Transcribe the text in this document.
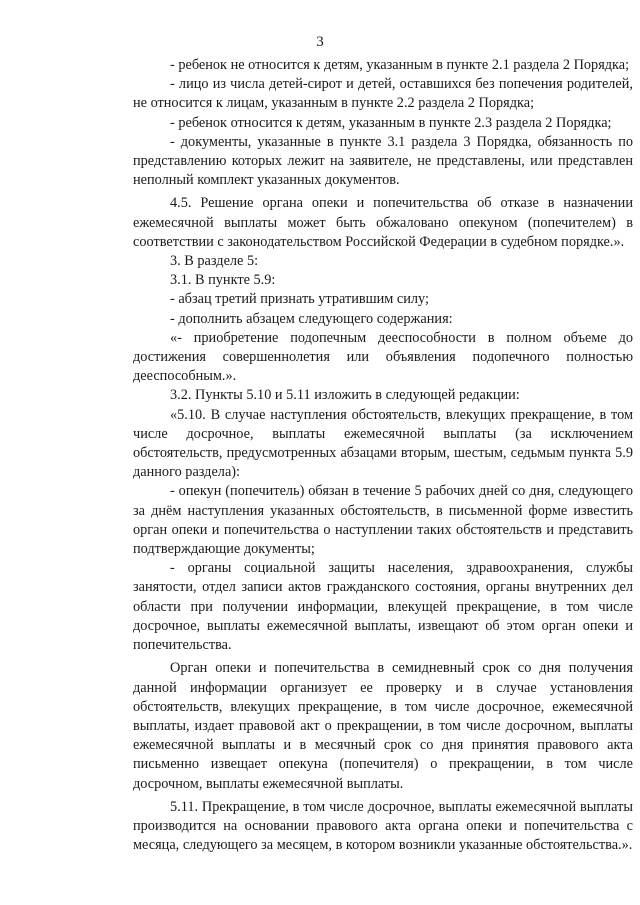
3

- ребенок не относится к детям, указанным в пункте 2.1 раздела 2 Порядка;

- лицо из числа детей-сирот и детей, оставшихся без попечения родителей, не относится к лицам, указанным в пункте 2.2 раздела 2 Порядка;

- ребенок относится к детям, указанным в пункте 2.3 раздела 2 Порядка;

- документы, указанные в пункте 3.1 раздела 3 Порядка, обязанность по представлению которых лежит на заявителе, не представлены, или представлен неполный комплект указанных документов.

4.5. Решение органа опеки и попечительства об отказе в назначении ежемесячной выплаты может быть обжаловано опекуном (попечителем) в соответствии с законодательством Российской Федерации в судебном порядке.».

3. В разделе 5:

3.1. В пункте 5.9:

- абзац третий признать утратившим силу;

- дополнить абзацем следующего содержания:

«- приобретение подопечным дееспособности в полном объеме до достижения совершеннолетия или объявления подопечного полностью дееспособным.».

3.2. Пункты 5.10 и 5.11 изложить в следующей редакции:

«5.10. В случае наступления обстоятельств, влекущих прекращение, в том числе досрочное, выплаты ежемесячной выплаты (за исключением обстоятельств, предусмотренных абзацами вторым, шестым, седьмым пункта 5.9 данного раздела):

- опекун (попечитель) обязан в течение 5 рабочих дней со дня, следующего за днём наступления указанных обстоятельств, в письменной форме известить орган опеки и попечительства о наступлении таких обстоятельств и представить подтверждающие документы;

- органы социальной защиты населения, здравоохранения, службы занятости, отдел записи актов гражданского состояния, органы внутренних дел области при получении информации, влекущей прекращение, в том числе досрочное, выплаты ежемесячной выплаты, извещают об этом орган опеки и попечительства.

Орган опеки и попечительства в семидневный срок со дня получения данной информации организует ее проверку и в случае установления обстоятельств, влекущих прекращение, в том числе досрочное, ежемесячной выплаты, издает правовой акт о прекращении, в том числе досрочном, выплаты ежемесячной выплаты и в месячный срок со дня принятия правового акта письменно извещает опекуна (попечителя) о прекращении, в том числе досрочном, выплаты ежемесячной выплаты.

5.11. Прекращение, в том числе досрочное, выплаты ежемесячной выплаты производится на основании правового акта органа опеки и попечительства с месяца, следующего за месяцем, в котором возникли указанные обстоятельства.».
